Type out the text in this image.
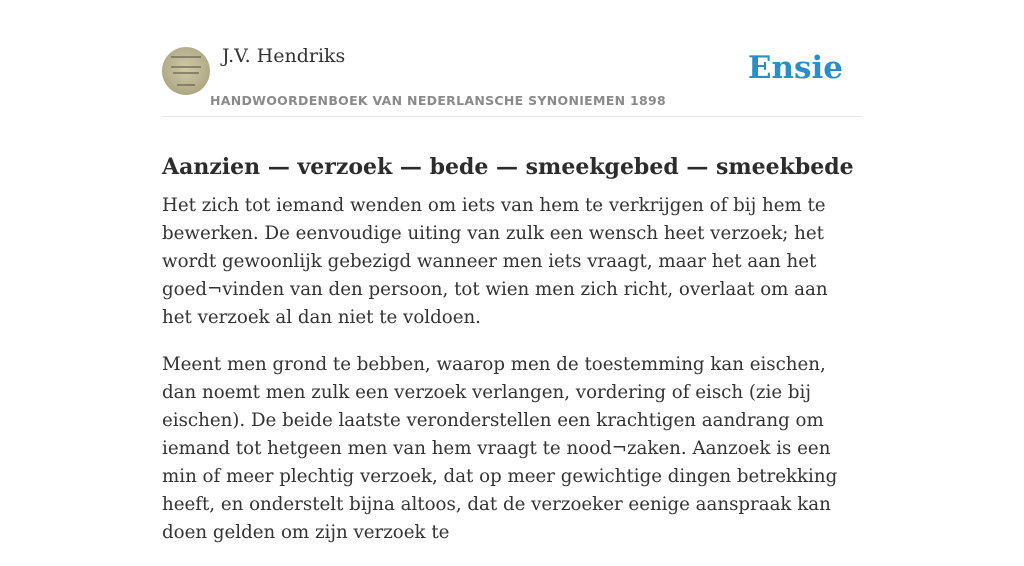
J.V. Hendriks
HANDWOORDENBOEK VAN NEDERLANSCHE SYNONIEMEN 1898
Ensie
Aanzien — verzoek — bede — smeekgebed — smeekbede

Het zich tot iemand wenden om iets van hem te verkrijgen of bij hem te bewerken. De eenvoudige uiting van zulk een wensch heet verzoek; het wordt gewoonlijk gebezigd wanneer men iets vraagt, maar het aan het goed¬vinden van den persoon, tot wien men zich richt, overlaat om aan het verzoek al dan niet te voldoen.

Meent men grond te bebben, waarop men de toestemming kan eischen, dan noemt men zulk een verzoek verlangen, vordering of eisch (zie bij eischen). De beide laatste veronderstellen een krachtigen aandrang om iemand tot hetgeen men van hem vraagt te nood¬zaken. Aanzoek is een min of meer plechtig verzoek, dat op meer gewichtige dingen betrekking heeft, en onderstelt bijna altoos, dat de verzoeker eenige aanspraak kan doen gelden om zijn verzoek te
